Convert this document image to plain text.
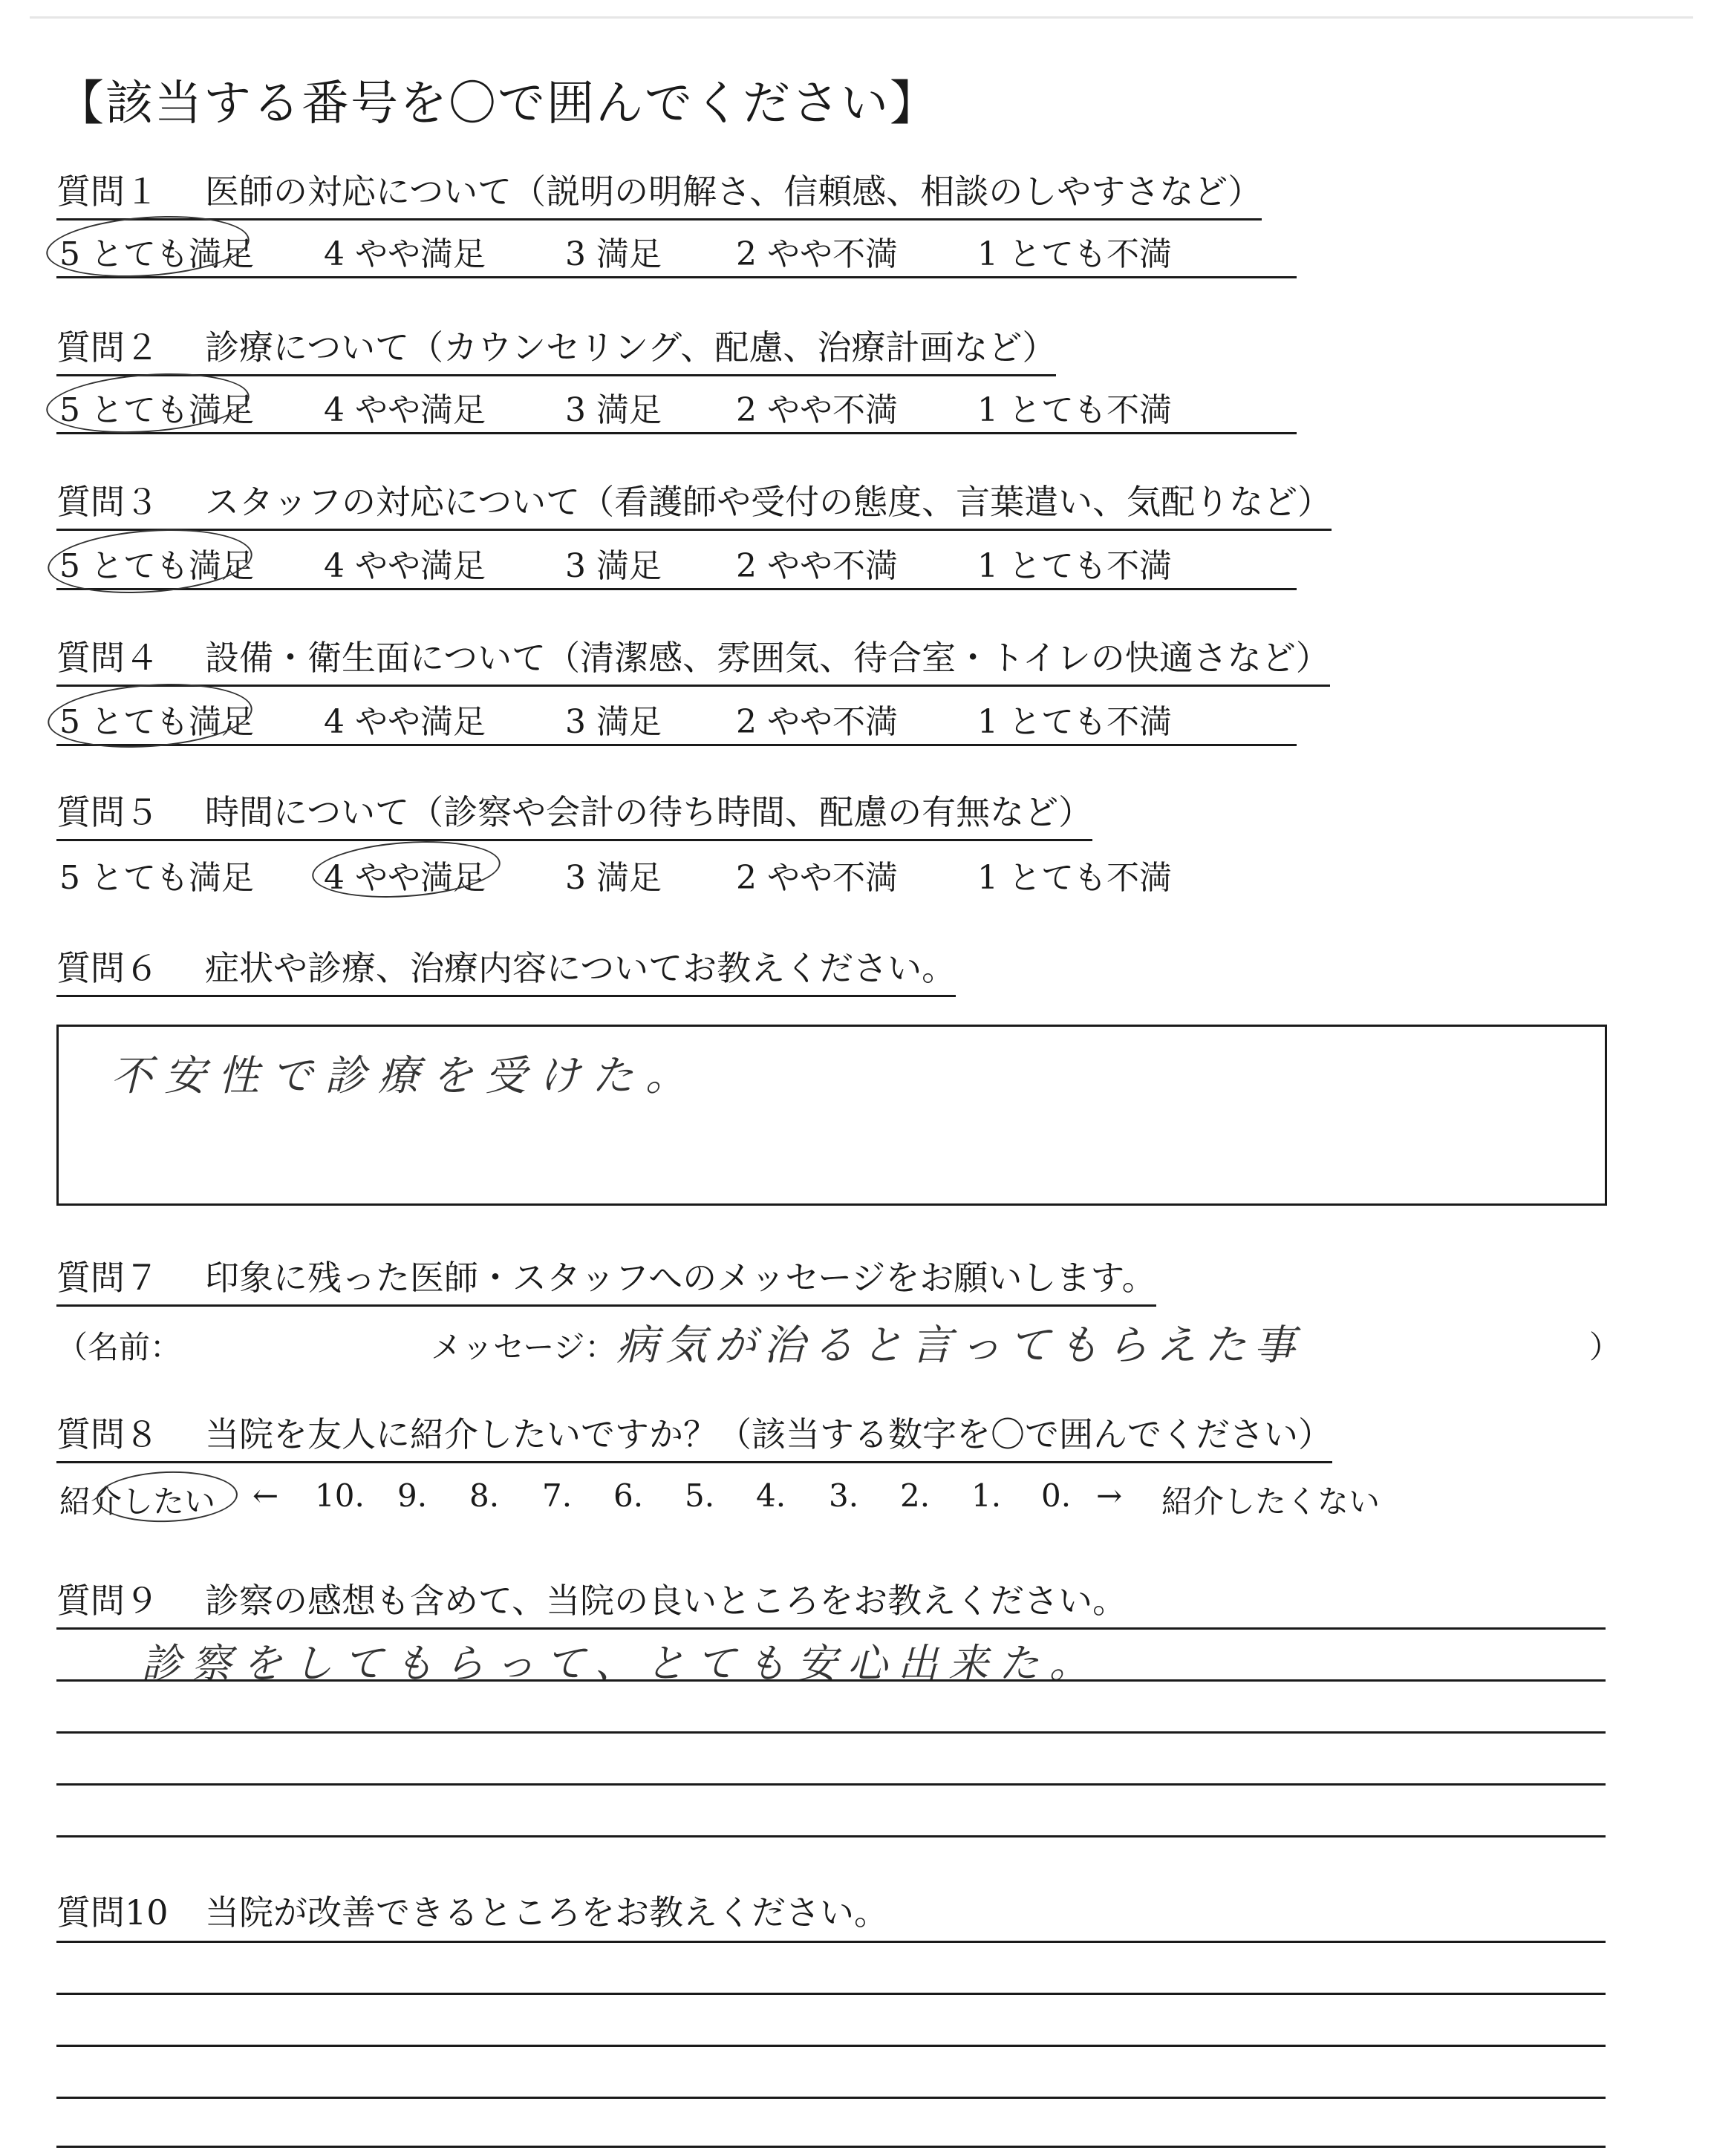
【該当する番号を〇で囲んでください】
質問１ 医師の対応について（説明の明解さ、信頼感、相談のしやすさなど）
5 とても満足 4 やや満足 3 満足 2 やや不満 1 とても不満
質問２ 診療について（カウンセリング、配慮、治療計画など）
5 とても満足 4 やや満足 3 満足 2 やや不満 1 とても不満
質問３ スタッフの対応について（看護師や受付の態度、言葉遣い、気配りなど）
5 とても満足 4 やや満足 3 満足 2 やや不満 1 とても不満
質問４ 設備・衛生面について（清潔感、雰囲気、待合室・トイレの快適さなど）
5 とても満足 4 やや満足 3 満足 2 やや不満 1 とても不満
質問５ 時間について（診察や会計の待ち時間、配慮の有無など）
5 とても満足 4 やや満足 3 満足 2 やや不満 1 とても不満
質問６ 症状や診療、治療内容についてお教えください。
不安性で診療を受けた。
質問７ 印象に残った医師・スタッフへのメッセージをお願いします。
（名前：	メッセージ： 病気が治ると言ってもらえた事	）
質問８ 当院を友人に紹介したいですか？（該当する数字を〇で囲んでください）
紹介したい ← 10. 9. 8. 7. 6. 5. 4. 3. 2. 1. 0. → 紹介したくない
質問９ 診察の感想も含めて、当院の良いところをお教えください。
診察をしてもらって、とても安心出来た。
質問10 当院が改善できるところをお教えください。
